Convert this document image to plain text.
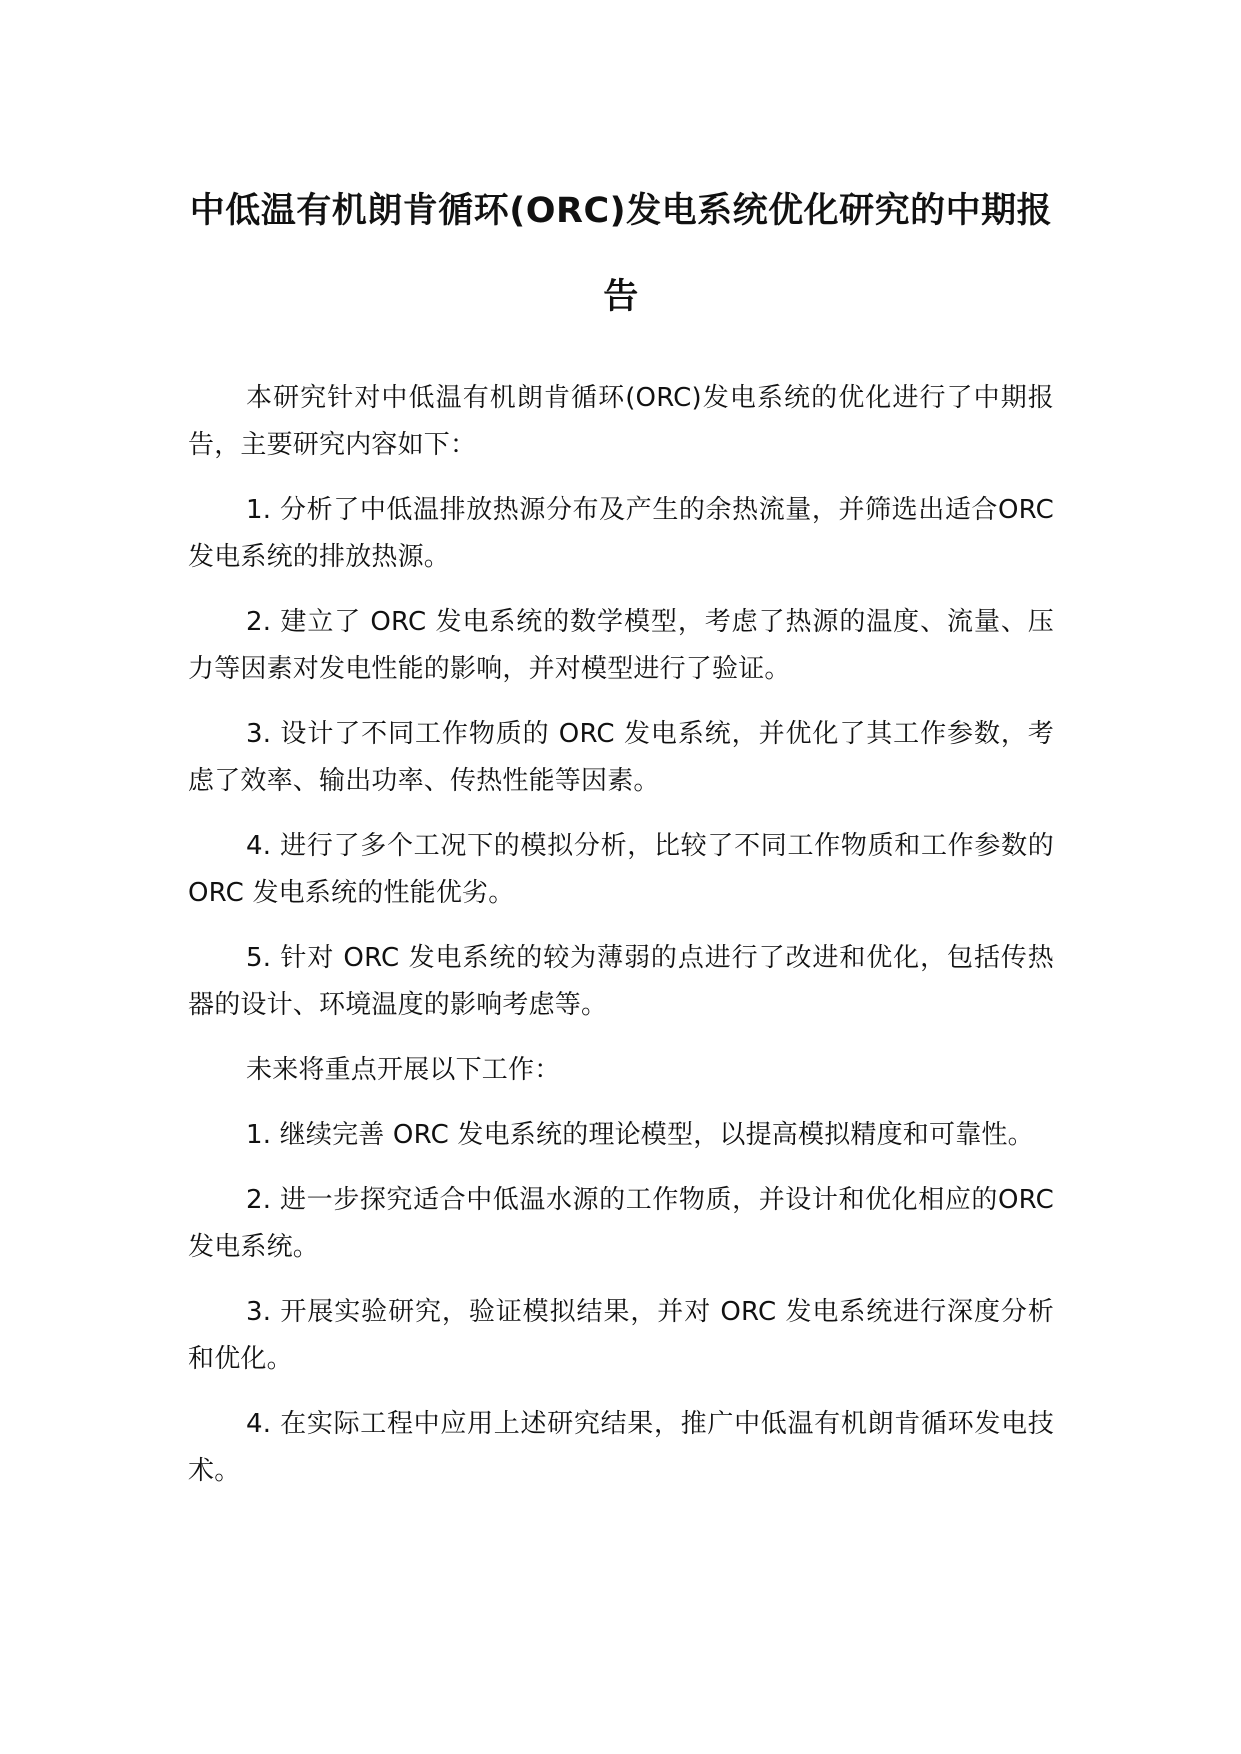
中低温有机朗肯循环(ORC)发电系统优化研究的中期报告

本研究针对中低温有机朗肯循环(ORC)发电系统的优化进行了中期报告，主要研究内容如下：

1. 分析了中低温排放热源分布及产生的余热流量，并筛选出适合ORC 发电系统的排放热源。

2. 建立了 ORC 发电系统的数学模型，考虑了热源的温度、流量、压力等因素对发电性能的影响，并对模型进行了验证。

3. 设计了不同工作物质的 ORC 发电系统，并优化了其工作参数，考虑了效率、输出功率、传热性能等因素。

4. 进行了多个工况下的模拟分析，比较了不同工作物质和工作参数的 ORC 发电系统的性能优劣。

5. 针对 ORC 发电系统的较为薄弱的点进行了改进和优化，包括传热器的设计、环境温度的影响考虑等。

未来将重点开展以下工作：

1. 继续完善 ORC 发电系统的理论模型，以提高模拟精度和可靠性。

2. 进一步探究适合中低温水源的工作物质，并设计和优化相应的ORC 发电系统。

3. 开展实验研究，验证模拟结果，并对 ORC 发电系统进行深度分析和优化。

4. 在实际工程中应用上述研究结果，推广中低温有机朗肯循环发电技术。
